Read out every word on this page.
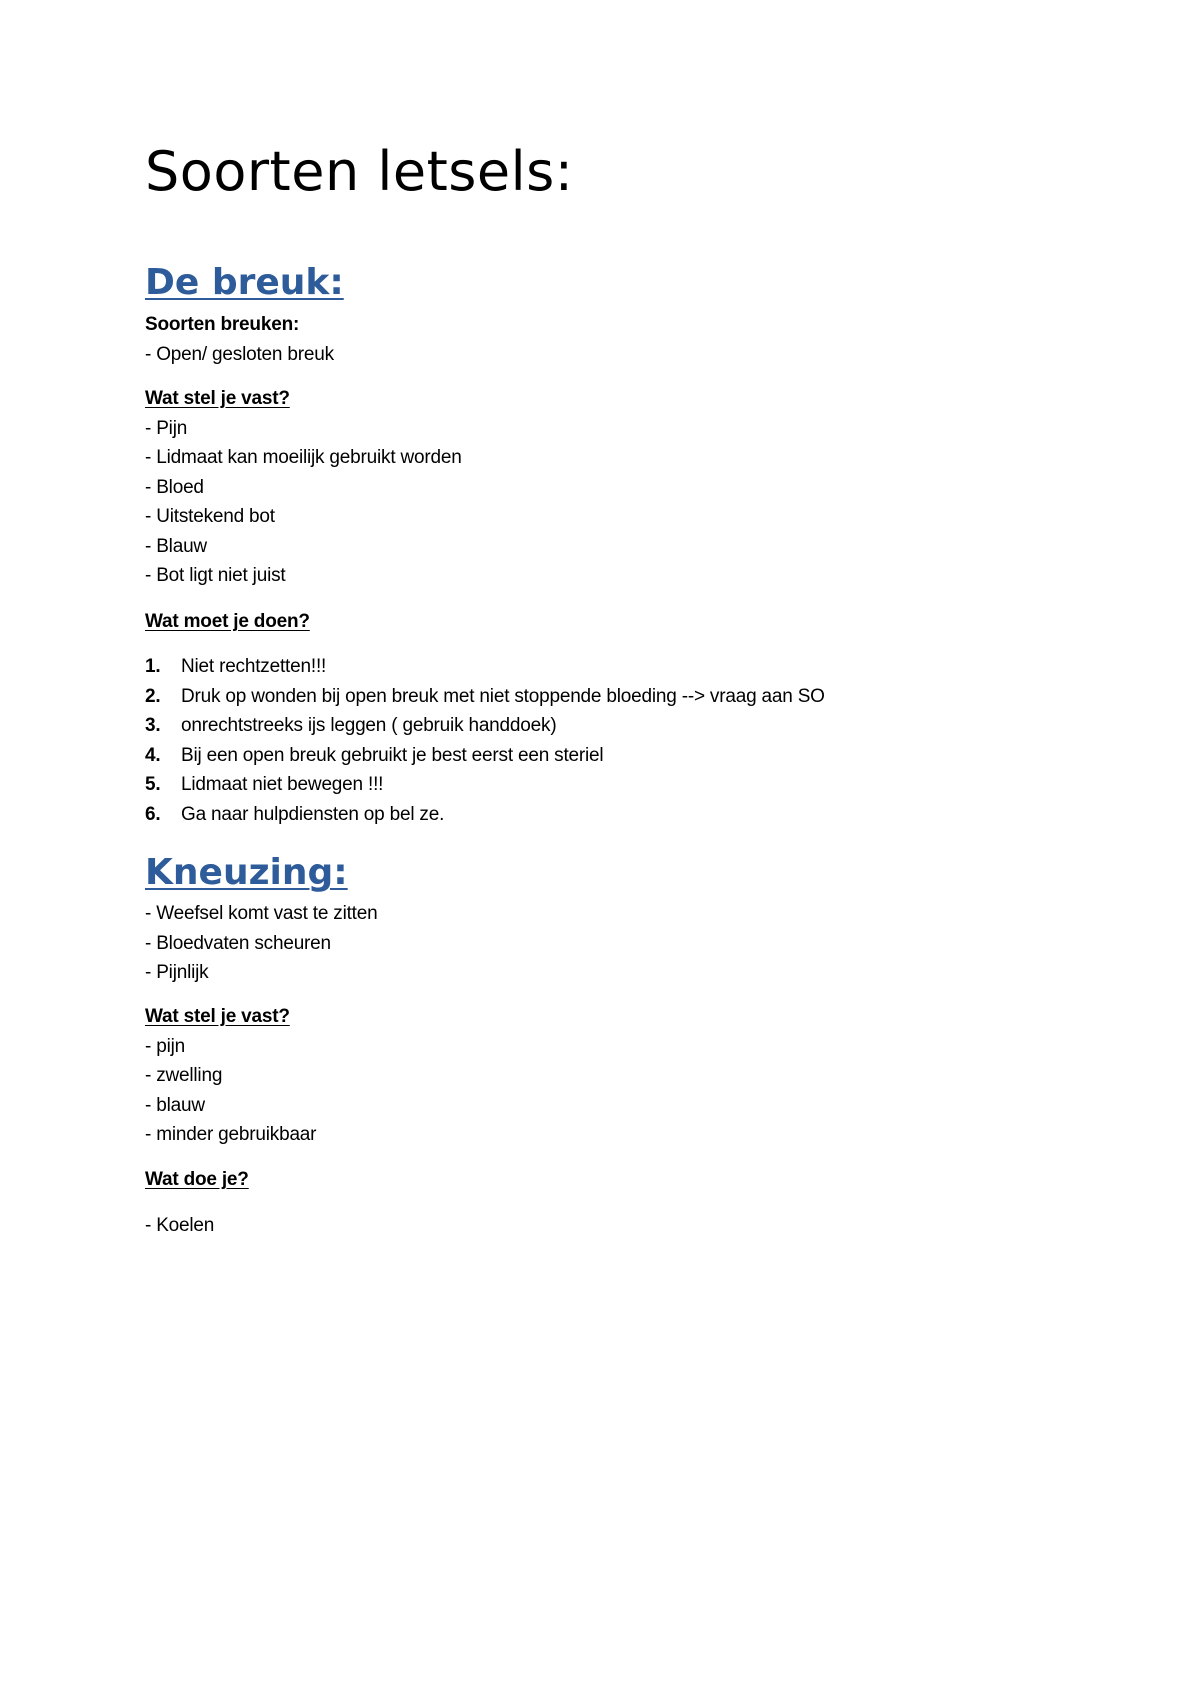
Soorten letsels:
De breuk:
Soorten breuken:
- Open/ gesloten breuk
Wat stel je vast?
- Pijn
- Lidmaat kan moeilijk gebruikt worden
- Bloed
- Uitstekend bot
- Blauw
- Bot ligt niet juist
Wat moet je doen?
1. Niet rechtzetten!!!
2. Druk op wonden bij open breuk met niet stoppende bloeding --> vraag aan SO
3. onrechtstreeks ijs leggen ( gebruik handdoek)
4. Bij een open breuk gebruikt je best eerst een steriel
5. Lidmaat niet bewegen !!!
6. Ga naar hulpdiensten op bel ze.
Kneuzing:
- Weefsel komt vast te zitten
- Bloedvaten scheuren
- Pijnlijk
Wat stel je vast?
- pijn
- zwelling
- blauw
- minder gebruikbaar
Wat doe je?
- Koelen
